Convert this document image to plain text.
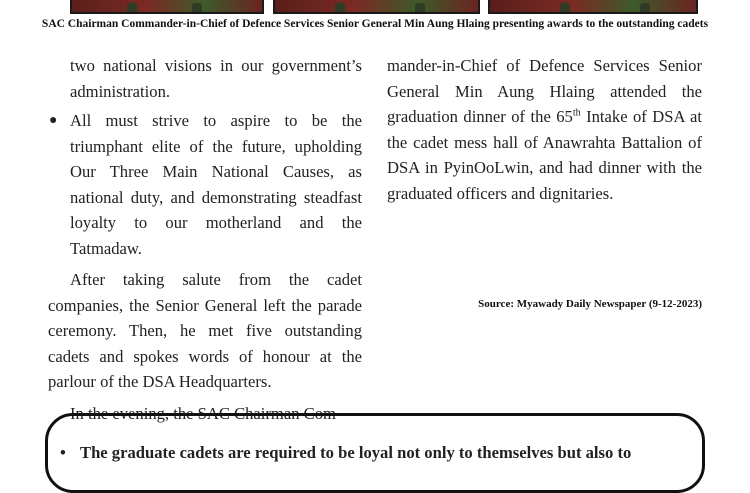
SAC Chairman Commander-in-Chief of Defence Services Senior General Min Aung Hlaing presenting awards to the outstanding cadets

two national visions in our government’s administration.

● All must strive to aspire to be the triumphant elite of the future, upholding Our Three Main National Causes, as national duty, and demonstrating steadfast loyalty to our motherland and the Tatmadaw.

After taking salute from the cadet companies, the Senior General left the parade ceremony. Then, he met five outstanding cadets and spokes words of honour at the parlour of the DSA Headquarters.

In the evening, the SAC Chairman Com-

mander-in-Chief of Defence Services Senior General Min Aung Hlaing attended the graduation dinner of the 65th Intake of DSA at the cadet mess hall of Anawrahta Battalion of DSA in PyinOoLwin, and had dinner with the graduated officers and dignitaries.

Source: Myawady Daily Newspaper (9-12-2023)
• The graduate cadets are required to be loyal not only to themselves but also to
